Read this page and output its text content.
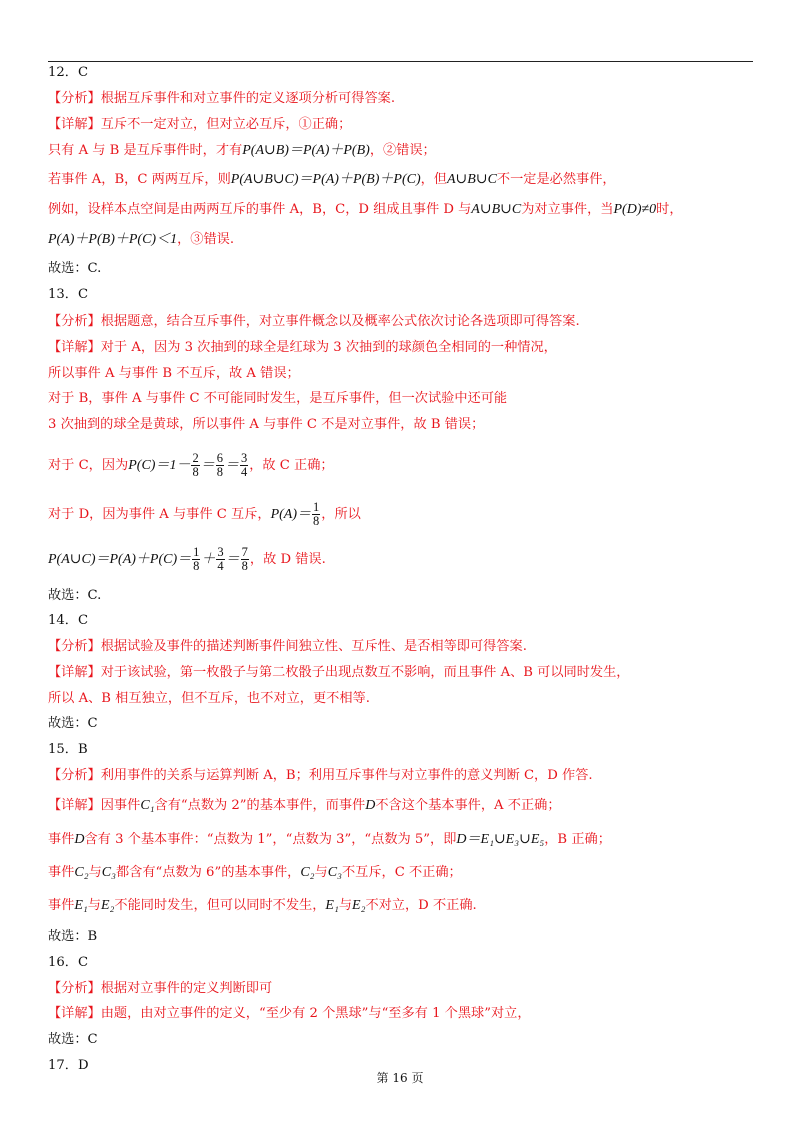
12．C
【分析】根据互斥事件和对立事件的定义逐项分析可得答案.
【详解】互斥不一定对立，但对立必互斥，①正确；
只有 A 与 B 是互斥事件时，才有P(A∪B)＝P(A)＋P(B)，②错误；
若事件 A，B，C 两两互斥，则P(A∪B∪C)＝P(A)＋P(B)＋P(C)，但A∪B∪C不一定是必然事件，
例如，设样本点空间是由两两互斥的事件 A，B，C，D 组成且事件 D 与A∪B∪C为对立事件，当P(D)≠0时，
P(A)＋P(B)＋P(C)＜1，③错误.
故选：C.
13．C
【分析】根据题意，结合互斥事件，对立事件概念以及概率公式依次讨论各选项即可得答案.
【详解】对于 A，因为 3 次抽到的球全是红球为 3 次抽到的球颜色全相同的一种情况，
所以事件 A 与事件 B 不互斥，故 A 错误；
对于 B，事件 A 与事件 C 不可能同时发生，是互斥事件，但一次试验中还可能
3 次抽到的球全是黄球，所以事件 A 与事件 C 不是对立事件，故 B 错误；
对于 C，因为$P(C)=1- \frac{2}{8} = \frac{6}{8} = \frac{3}{4}$ ，故 C 正确；
对于 D，因为事件 A 与事件 C 互斥，$P(A)= \frac{1}{8}$ ，所以
P(A∪C)＝P(A)＋P(C)＝ $\frac{1}{8} + \frac{3}{4} = \frac{7}{8}$ ，故 D 错误.
故选：C.
14．C
【分析】根据试验及事件的描述判断事件间独立性、互斥性、是否相等即可得答案.
【详解】对于该试验，第一枚骰子与第二枚骰子出现点数互不影响，而且事件 A、B 可以同时发生，
所以 A、B 相互独立，但不互斥，也不对立，更不相等.
故选：C
15．B
【分析】利用事件的关系与运算判断 A，B；利用互斥事件与对立事件的意义判断 C，D 作答.
【详解】因事件C₁含有“点数为 2”的基本事件，而事件D不含这个基本事件，A 不正确；
事件D含有 3 个基本事件：“点数为 1”，“点数为 3”，“点数为 5”，即D＝E₁∪E₃∪E₅，B 正确；
事件C₂与C₃都含有“点数为 6”的基本事件，C₂与C₃不互斥，C 不正确；
事件E₁与E₂不能同时发生，但可以同时不发生，E₁与E₂不对立，D 不正确.
故选：B
16．C
【分析】根据对立事件的定义判断即可
【详解】由题，由对立事件的定义，“至少有 2 个黑球”与“至多有 1 个黑球”对立，
故选：C
17．D
第 16 页
